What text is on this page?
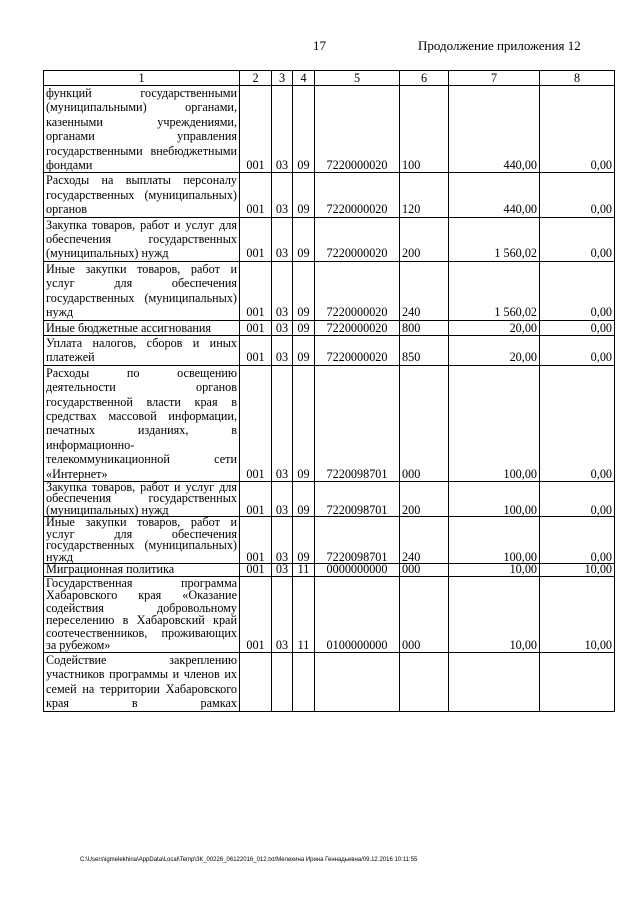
17	Продолжение приложения 12
1	2	3	4	5	6	7	8
функций государственными (муниципальными) органами, казенными учреждениями, органами управления государственными внебюджетными фондами	001	03	09	7220000020	100	440,00	0,00
Расходы на выплаты персоналу государственных (муниципальных) органов	001	03	09	7220000020	120	440,00	0,00
Закупка товаров, работ и услуг для обеспечения государственных (муниципальных) нужд	001	03	09	7220000020	200	1 560,02	0,00
Иные закупки товаров, работ и услуг для обеспечения государственных (муниципальных) нужд	001	03	09	7220000020	240	1 560,02	0,00
Иные бюджетные ассигнования	001	03	09	7220000020	800	20,00	0,00
Уплата налогов, сборов и иных платежей	001	03	09	7220000020	850	20,00	0,00
Расходы по освещению деятельности органов государственной власти края в средствах массовой информации, печатных изданиях, в информационно-телекоммуникационной сети «Интернет»	001	03	09	7220098701	000	100,00	0,00
Закупка товаров, работ и услуг для обеспечения государственных (муниципальных) нужд	001	03	09	7220098701	200	100,00	0,00
Иные закупки товаров, работ и услуг для обеспечения государственных (муниципальных) нужд	001	03	09	7220098701	240	100,00	0,00
Миграционная политика	001	03	11	0000000000	000	10,00	10,00
Государственная программа Хабаровского края «Оказание содействия добровольному переселению в Хабаровский край соотечественников, проживающих за рубежом»	001	03	11	0100000000	000	10,00	10,00
Содействие закреплению участников программы и членов их семей на территории Хабаровского края в рамках							
C:\Users\igmelekhina\AppData\Local\Temp\ЗК_00226_06122016_012.txt/Мелехина Ирина Геннадьевна/09.12.2016 10:11:55
